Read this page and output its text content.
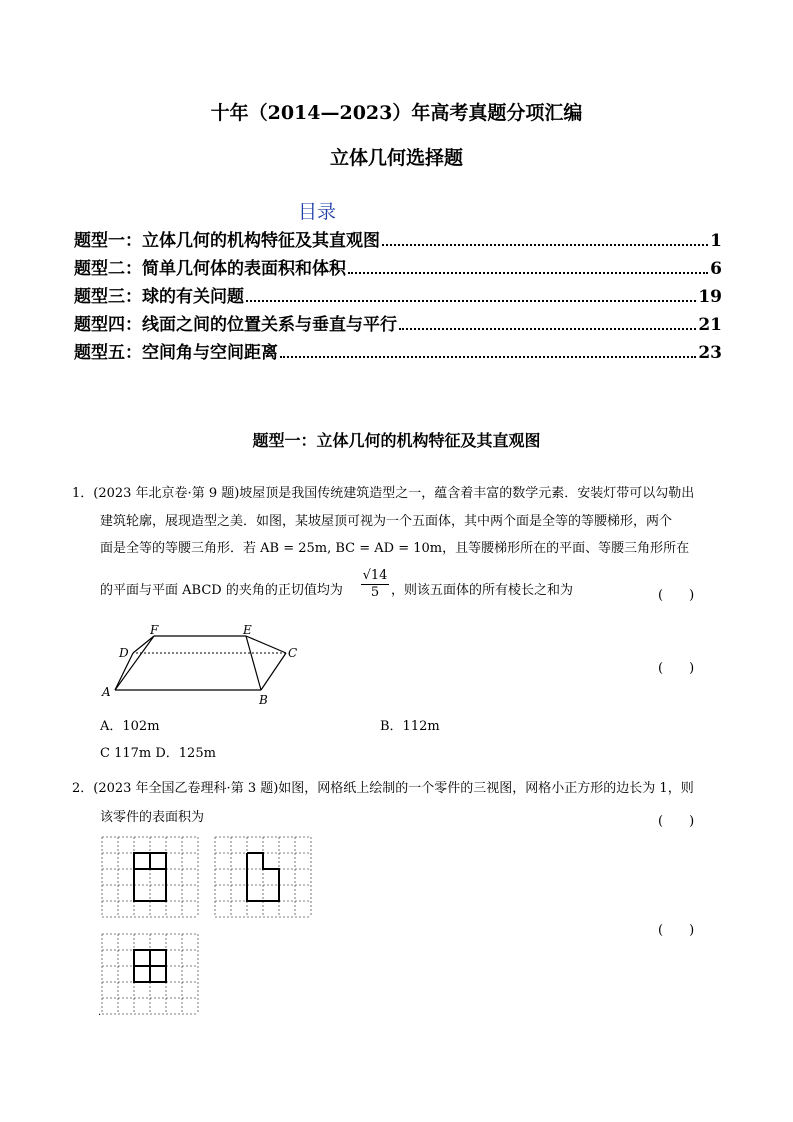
十年（2014—2023）年高考真题分项汇编
立体几何选择题
目录
题型一：立体几何的机构特征及其直观图	1
题型二：简单几何体的表面积和体积	6
题型三：球的有关问题	19
题型四：线面之间的位置关系与垂直与平行	21
题型五：空间角与空间距离	23
题型一：立体几何的机构特征及其直观图
1．(2023 年北京卷·第 9 题)坡屋顶是我国传统建筑造型之一，蕴含着丰富的数学元素．安装灯带可以勾勒出
建筑轮廓，展现造型之美．如图，某坡屋顶可视为一个五面体，其中两个面是全等的等腰梯形，两个
面是全等的等腰三角形．若 AB = 25m, BC = AD = 10m，且等腰梯形所在的平面、等腰三角形所在
的平面与平面 ABCD 的夹角的正切值均为 $\frac{√14}{5}$ ，则该五面体的所有棱长之和为	(　　)
(　　)
A
B
C
D
E
F
A．102m	B．112m
C 117m D．125m
2．(2023 年全国乙卷理科·第 3 题)如图，网格纸上绘制的一个零件的三视图，网格小正方形的边长为 1，则
该零件的表面积为	(　　)
(　　)
·
